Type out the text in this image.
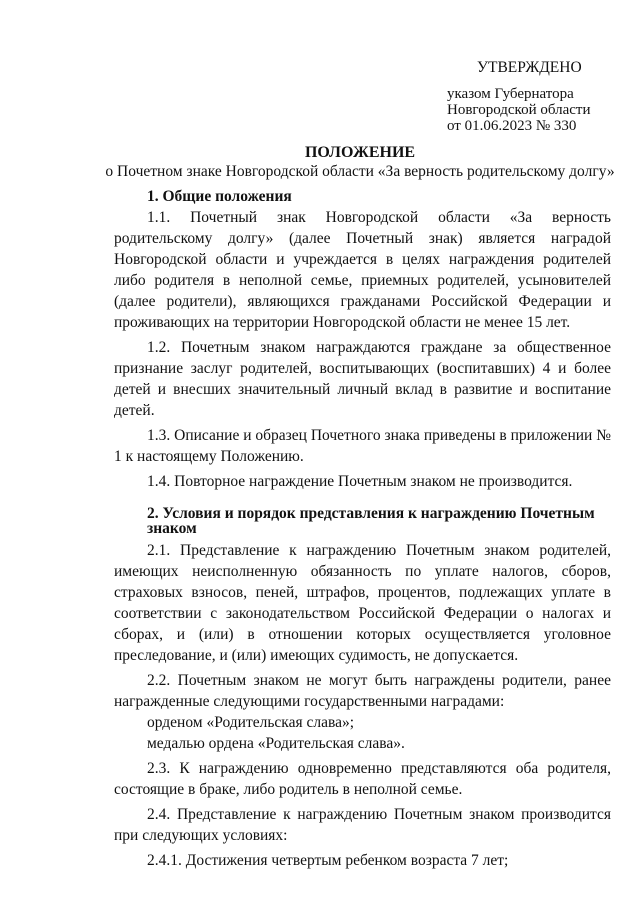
УТВЕРЖДЕНО
указом Губернатора
Новгородской области
от 01.06.2023 № 330
ПОЛОЖЕНИЕ
о Почетном знаке Новгородской области «За верность родительскому долгу»

1. Общие положения

1.1. Почетный знак Новгородской области «За верность родительскому долгу» (далее Почетный знак) является наградой Новгородской области и учреждается в целях награждения родителей либо родителя в неполной семье, приемных родителей, усыновителей (далее родители), являющихся гражданами Российской Федерации и проживающих на территории Новгородской области не менее 15 лет.

1.2. Почетным знаком награждаются граждане за общественное признание заслуг родителей, воспитывающих (воспитавших) 4 и более детей и внесших значительный личный вклад в развитие и воспитание детей.

1.3. Описание и образец Почетного знака приведены в приложении № 1 к настоящему Положению.

1.4. Повторное награждение Почетным знаком не производится.

2. Условия и порядок представления к награждению Почетным
знаком

2.1. Представление к награждению Почетным знаком родителей, имеющих неисполненную обязанность по уплате налогов, сборов, страховых взносов, пеней, штрафов, процентов, подлежащих уплате в соответствии с законодательством Российской Федерации о налогах и сборах, и (или) в отношении которых осуществляется уголовное преследование, и (или) имеющих судимость, не допускается.

2.2. Почетным знаком не могут быть награждены родители, ранее награжденные следующими государственными наградами:

орденом «Родительская слава»;

медалью ордена «Родительская слава».

2.3. К награждению одновременно представляются оба родителя, состоящие в браке, либо родитель в неполной семье.

2.4. Представление к награждению Почетным знаком производится при следующих условиях:

2.4.1. Достижения четвертым ребенком возраста 7 лет;
